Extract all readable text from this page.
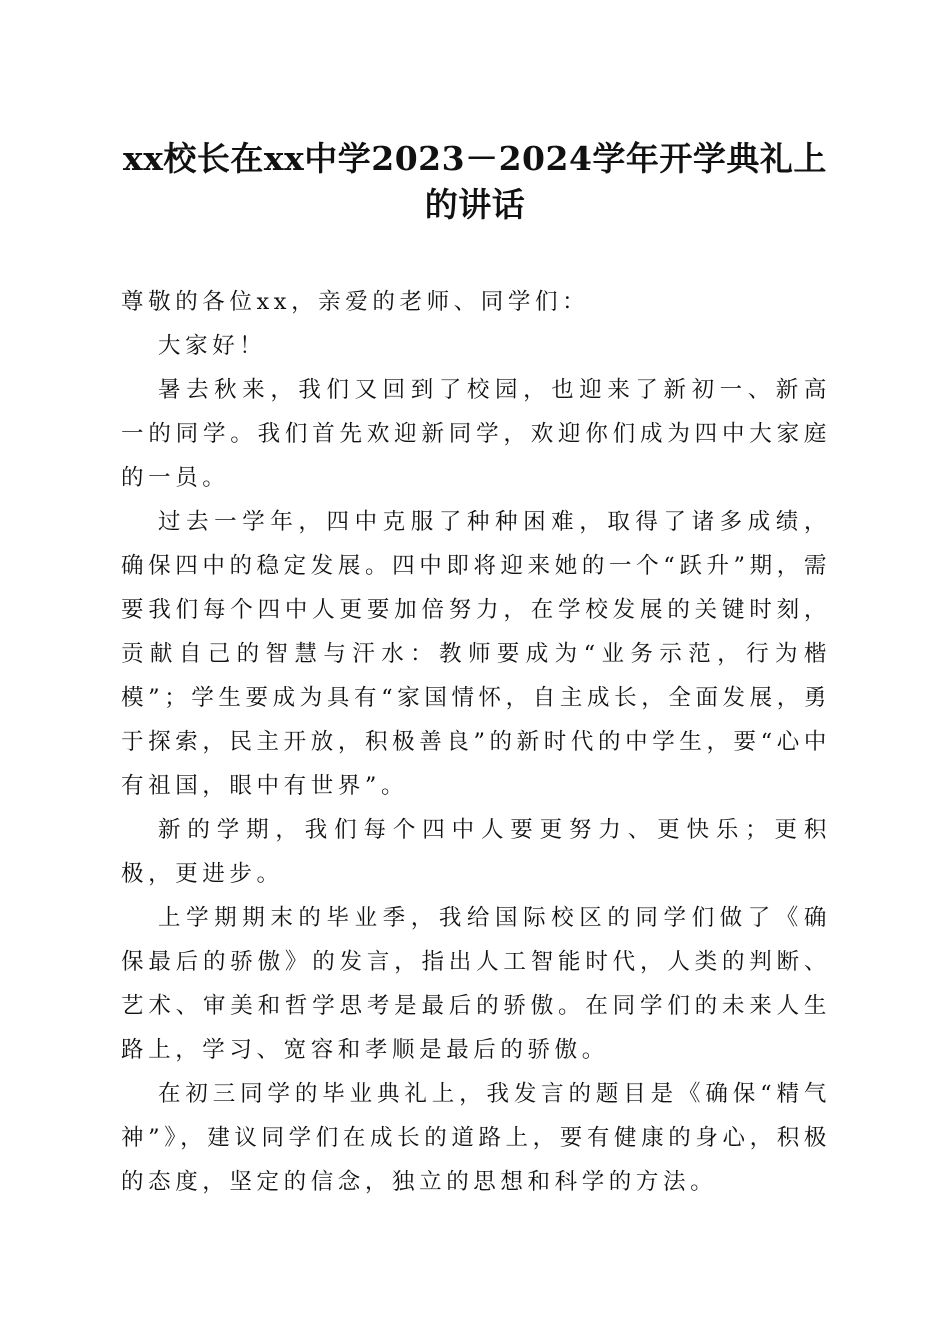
xx校长在xx中学2023－2024学年开学典礼上
的讲话

尊敬的各位xx，亲爱的老师、同学们：

大家好！

暑去秋来，我们又回到了校园，也迎来了新初一、新高一的同学。我们首先欢迎新同学，欢迎你们成为四中大家庭的一员。

过去一学年，四中克服了种种困难，取得了诸多成绩，确保四中的稳定发展。四中即将迎来她的一个“跃升”期，需要我们每个四中人更要加倍努力，在学校发展的关键时刻，贡献自己的智慧与汗水：教师要成为“业务示范，行为楷模”；学生要成为具有“家国情怀，自主成长，全面发展，勇于探索，民主开放，积极善良”的新时代的中学生，要“心中有祖国，眼中有世界”。

新的学期，我们每个四中人要更努力、更快乐；更积极，更进步。

上学期期末的毕业季，我给国际校区的同学们做了《确保最后的骄傲》的发言，指出人工智能时代，人类的判断、艺术、审美和哲学思考是最后的骄傲。在同学们的未来人生路上，学习、宽容和孝顺是最后的骄傲。

在初三同学的毕业典礼上，我发言的题目是《确保“精气神”》，建议同学们在成长的道路上，要有健康的身心，积极的态度，坚定的信念，独立的思想和科学的方法。
